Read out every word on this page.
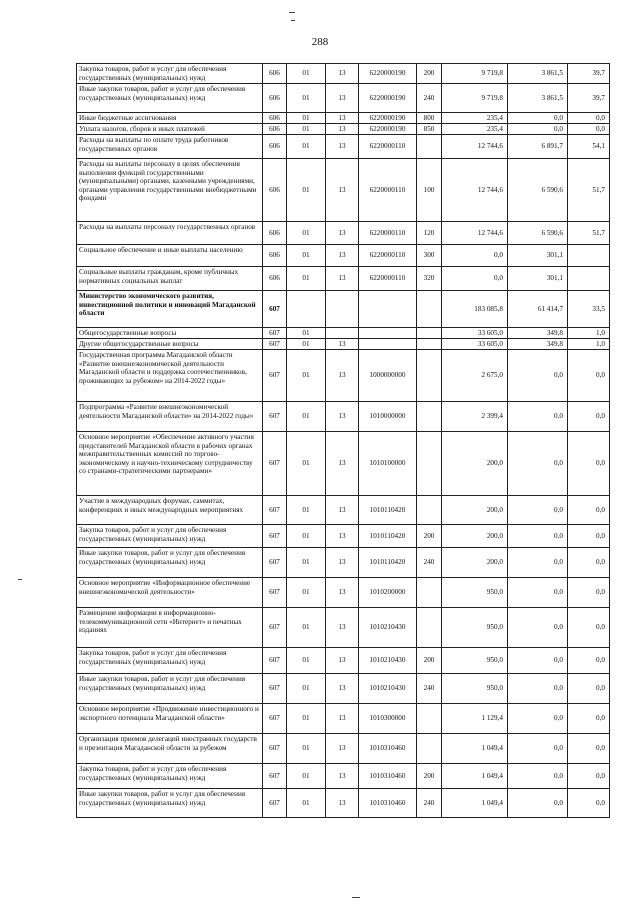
288
Закупка товаров, работ и услуг для обеспечения государственных (муниципальных) нужд	606	01	13	6220000190	200	9 719,8	3 861,5	39,7
Иные закупки товаров, работ и услуг для обеспечения государственных (муниципальных) нужд	606	01	13	6220000190	240	9 719,8	3 861,5	39,7
Иные бюджетные ассигнования	606	01	13	6220000190	800	235,4	0,0	0,0
Уплата налогов, сборов и иных платежей	606	01	13	6220000190	850	235,4	0,0	0,0
Расходы на выплаты по оплате труда работников государственных органов	606	01	13	6220000110		12 744,6	6 891,7	54,1
Расходы на выплаты персоналу в целях обеспечения выполнения функций государственными (муниципальными) органами, казенными учреждениями, органами управления государственными внебюджетными фондами	606	01	13	6220000110	100	12 744,6	6 590,6	51,7
Расходы на выплаты персоналу государственных органов	606	01	13	6220000110	120	12 744,6	6 590,6	51,7
Социальное обеспечение и иные выплаты населению	606	01	13	6220000110	300	0,0	301,1	
Социальные выплаты гражданам, кроме публичных нормативных социальных выплат	606	01	13	6220000110	320	0,0	301,1	
Министерство экономического развития, инвестиционной политики и инноваций Магаданской области	607					183 085,8	61 414,7	33,5
Общегосударственные вопросы	607	01				33 605,0	349,8	1,0
Другие общегосударственные вопросы	607	01	13			33 605,0	349,8	1,0
Государственная программа Магаданской области «Развитие внешнеэкономической деятельности Магаданской области и поддержка соотечественников, проживающих за рубежом» на 2014-2022 годы»	607	01	13	1000000000		2 675,0	0,0	0,0
Подпрограмма «Развитие внешнеэкономической деятельности Магаданской области» на 2014-2022 годы»	607	01	13	1010000000		2 399,4	0,0	0,0
Основное мероприятие «Обеспечение активного участия представителей Магаданской области в рабочих органах межправительственных комиссий по торгово-экономическому и научно-техническому сотрудничеству со странами-стратегическими партнерами»	607	01	13	1010100000		200,0	0,0	0,0
Участие в международных форумах, саммитах, конференциях и иных международных мероприятиях	607	01	13	1010110420		200,0	0,0	0,0
Закупка товаров, работ и услуг для обеспечения государственных (муниципальных) нужд	607	01	13	1010110420	200	200,0	0,0	0,0
Иные закупки товаров, работ и услуг для обеспечения государственных (муниципальных) нужд	607	01	13	1010110420	240	200,0	0,0	0,0
Основное мероприятие «Информационное обеспечение внешнеэкономической деятельности»	607	01	13	1010200000		950,0	0,0	0,0
Размещение информации в информационно-телекоммуникационной сети «Интернет» и печатных изданиях	607	01	13	1010210430		950,0	0,0	0,0
Закупка товаров, работ и услуг для обеспечения государственных (муниципальных) нужд	607	01	13	1010210430	200	950,0	0,0	0,0
Иные закупки товаров, работ и услуг для обеспечения государственных (муниципальных) нужд	607	01	13	1010210430	240	950,0	0,0	0,0
Основное мероприятие «Продвижение инвестиционного и экспортного потенциала Магаданской области»	607	01	13	1010300000		1 129,4	0,0	0,0
Организация приемов делегаций иностранных государств и презентация Магаданской области за рубежом	607	01	13	1010310460		1 049,4	0,0	0,0
Закупка товаров, работ и услуг для обеспечения государственных (муниципальных) нужд	607	01	13	1010310460	200	1 049,4	0,0	0,0
Иные закупки товаров, работ и услуг для обеспечения государственных (муниципальных) нужд	607	01	13	1010310460	240	1 049,4	0,0	0,0
